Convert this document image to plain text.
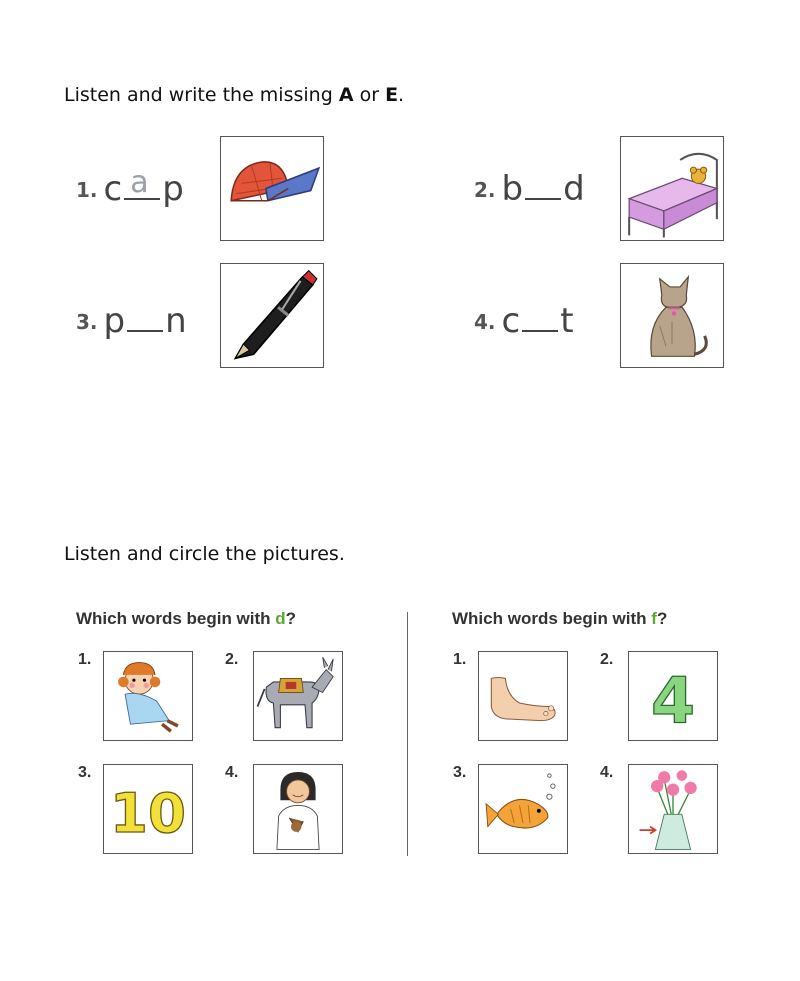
Listen and write the missing A or E.
1. c a p	2. b d
3. p n	4. c t
Listen and circle the pictures.
Which words begin with d?	Which words begin with f?
1.	2.
3.	4.
1.	2.
3.	4.
10
4
